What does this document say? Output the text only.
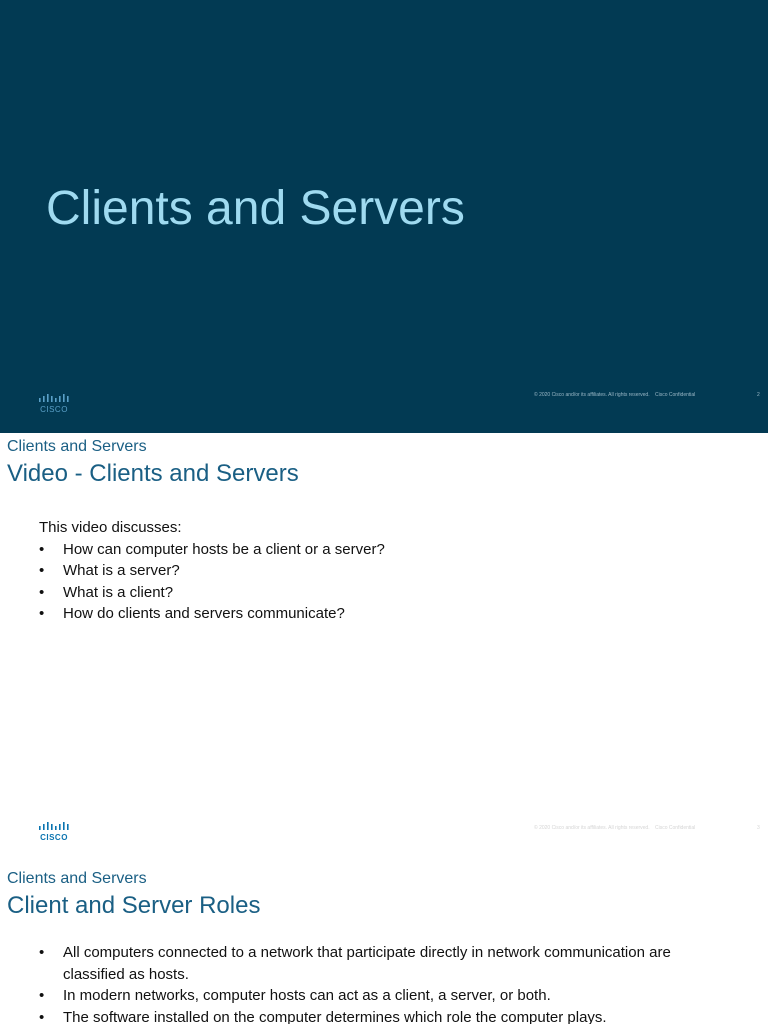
Clients and Servers
CISCO
© 2020 Cisco and/or its affiliates. All rights reserved. Cisco Confidential	2
Clients and Servers
Video - Clients and Servers

This video discusses:

• How can computer hosts be a client or a server?
• What is a server?
• What is a client?
• How do clients and servers communicate?
CISCO
© 2020 Cisco and/or its affiliates. All rights reserved. Cisco Confidential	3
Clients and Servers
Client and Server Roles
• All computers connected to a network that participate directly in network communication are classified as hosts.
• In modern networks, computer hosts can act as a client, a server, or both.
• The software installed on the computer determines which role the computer plays.
